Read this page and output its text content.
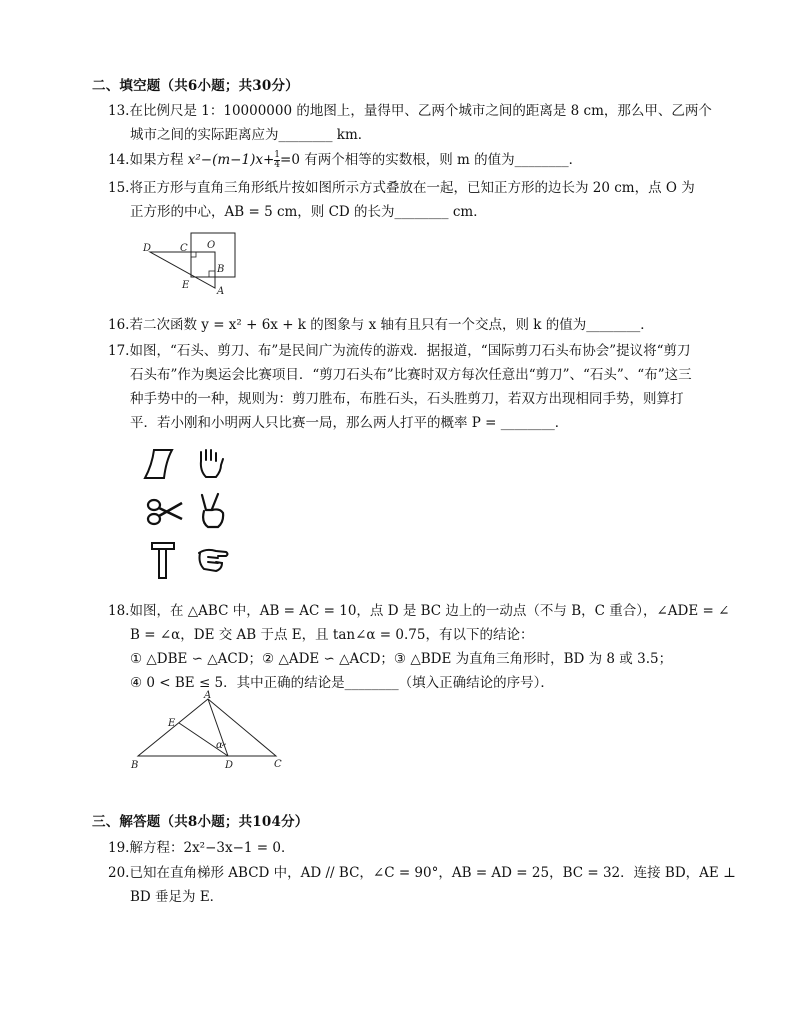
二、填空题（共6小题；共30分）
13.在比例尺是 1：10000000 的地图上，量得甲、乙两个城市之间的距离是 8 cm，那么甲、乙两个
城市之间的实际距离应为________ km．
14.如果方程 $x^2-(m-1)x+ \frac{1}{4} =0$ 有两个相等的实数根，则 m 的值为________．
15.将正方形与直角三角形纸片按如图所示方式叠放在一起，已知正方形的边长为 20 cm，点 O 为
正方形的中心，AB = 5 cm，则 CD 的长为________ cm．
D	C O
B
E
A
16.若二次函数 y = x² + 6x + k 的图象与 x 轴有且只有一个交点，则 k 的值为________．
17.如图，“石头、剪刀、布”是民间广为流传的游戏．据报道，“国际剪刀石头布协会”提议将“剪刀
石头布”作为奥运会比赛项目．“剪刀石头布”比赛时双方每次任意出“剪刀”、“石头”、“布”这三
种手势中的一种，规则为：剪刀胜布，布胜石头，石头胜剪刀，若双方出现相同手势，则算打
平．若小刚和小明两人只比赛一局，那么两人打平的概率 P = ________．
18.如图，在 △ABC 中，AB = AC = 10，点 D 是 BC 边上的一动点（不与 B，C 重合），∠ADE = ∠
B = ∠α，DE 交 AB 于点 E，且 tan∠α = 0.75，有以下的结论：
① △DBE ∽ △ACD；② △ADE ∽ △ACD；③ △BDE 为直角三角形时，BD 为 8 或 3.5；
④ 0 < BE ≤ 5．其中正确的结论是________（填入正确结论的序号）．
A
E
α
B	D	C
三、解答题（共8小题；共104分）
19.解方程：2x²−3x−1 = 0．
20.已知在直角梯形 ABCD 中，AD // BC，∠C = 90°，AB = AD = 25，BC = 32．连接 BD，AE ⊥
BD 垂足为 E．
